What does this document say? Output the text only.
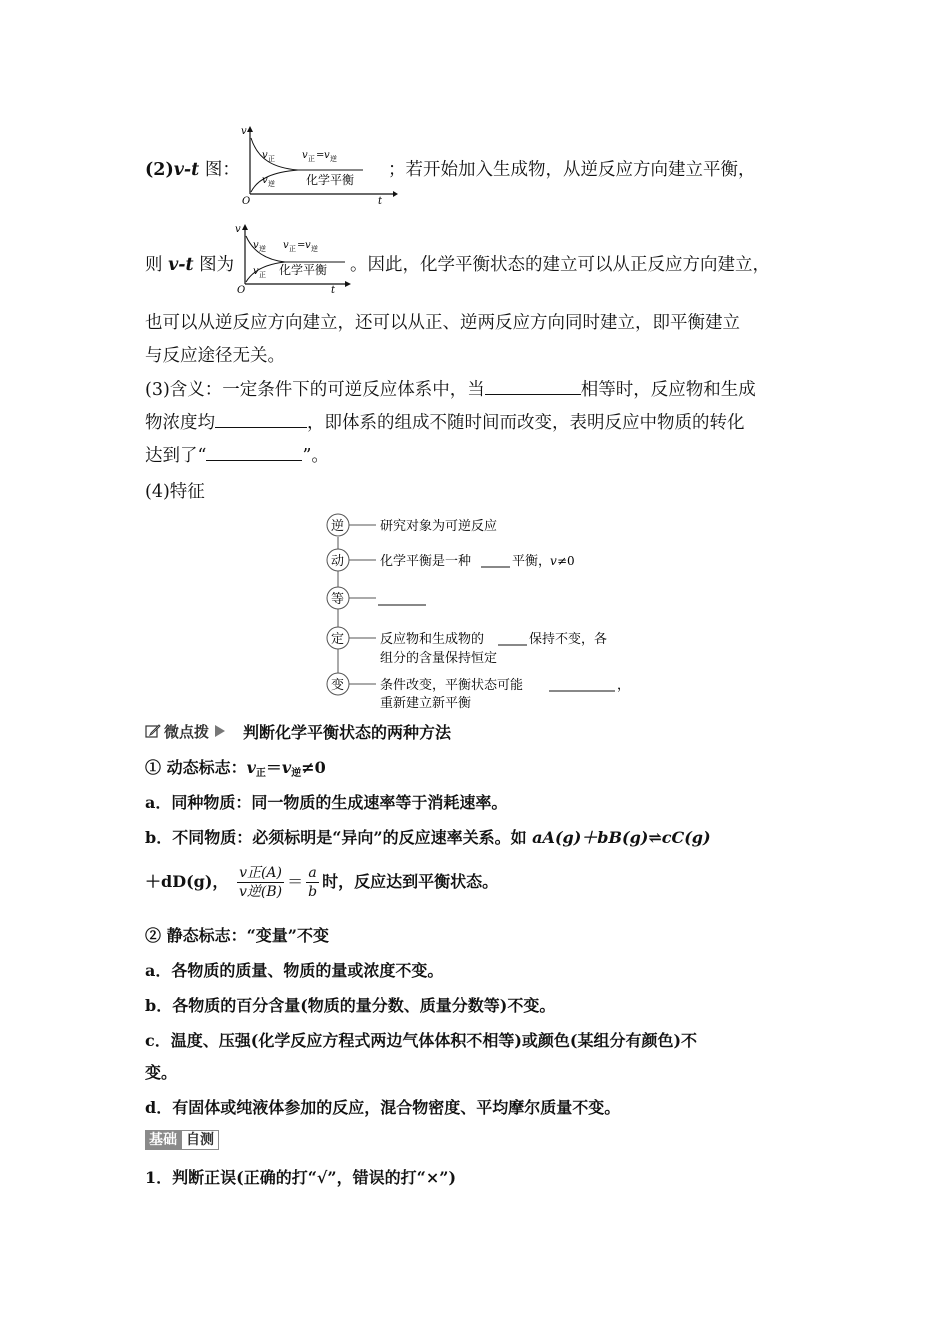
(2)v-t 图：
v
t
O
v 正
v 逆
v 正 = v 逆
化学平衡 ；若开始加入生成物，从逆反应方向建立平衡，
则 v-t 图为
v
t
O
v 逆
v 正
v 正 = v 逆
化学平衡 。因此，化学平衡状态的建立可以从正反应方向建立，
也可以从逆反应方向建立，还可以从正、逆两反应方向同时建立，即平衡建立
与反应途径无关。
(3)含义：一定条件下的可逆反应体系中，当	相等时，反应物和生成
物浓度均	，即体系的组成不随时间而改变，表明反应中物质的转化
达到了“	”。
(4)特征
逆
动
等
定
变
研究对象为可逆反应
化学平衡是一种	平衡，
v ≠0
反应物和生成物的	保持不变，各
组分的含量保持恒定
条件改变，平衡状态可能	，
重新建立新平衡
微点拨 判断化学平衡状态的两种方法
① 动态标志：$v_正=v_逆\ne 0$
a．同种物质：同一物质的生成速率等于消耗速率。
b．不同物质：必须标明是“异向”的反应速率关系。如 aA(g)＋bB(g)⇌cC(g)
＋dD(g)， $\frac{\text{v正(A)}}{\text{v逆(B)}} = \frac{a}{b}$ 时，反应达到平衡状态。
② 静态标志：“变量”不变
a．各物质的质量、物质的量或浓度不变。
b．各物质的百分含量(物质的量分数、质量分数等)不变。
c．温度、压强(化学反应方程式两边气体体积不相等)或颜色(某组分有颜色)不
变。
d．有固体或纯液体参加的反应，混合物密度、平均摩尔质量不变。
基础 自测
1．判断正误(正确的打“√”，错误的打“×”)
